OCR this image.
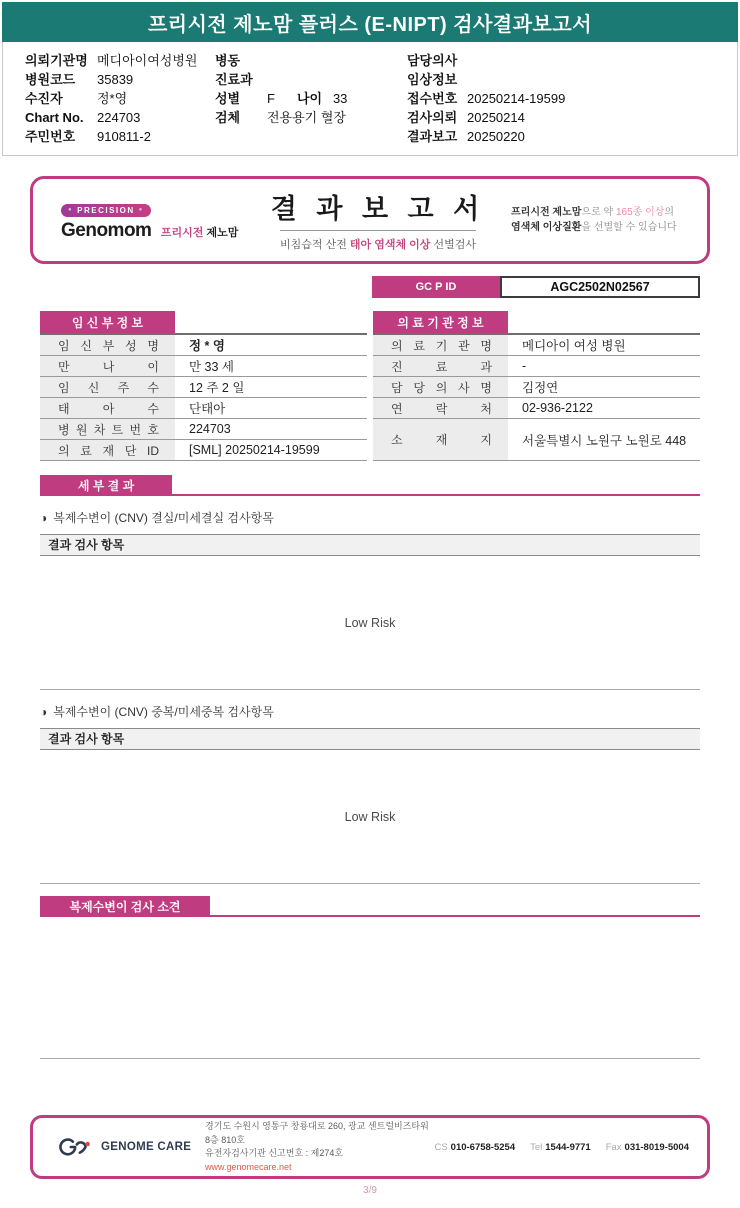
프리시전 제노맘 플러스 (E-NIPT) 검사결과보고서
의뢰기관명 메디아이여성병원
병원코드	35839
수진자	정*영
Chart No.	224703
주민번호	910811-2
병동
진료과
성별	F 나이 33
검체	전용용기 혈장
담당의사
임상정보
접수번호 20250214-19599
검사의뢰 20250214
결과보고 20250220
● PRECISION ●
Genomom 프리시전 제노맘
결 과 보 고 서
비침습적 산전 태아 염색체 이상 선별검사
프리시전 제노맘으로 약 165종 이상의
염색체 이상질환을 선별할 수 있습니다
GC P ID	AGC2502N02567
임 신 부 정 보
임 신 부 성 명	정 * 영
만 나 이	만 33 세
임 신 주 수	12 주 2 일
태 아 수	단태아
병 원 차 트 번 호	224703
의 료 재 단 ID	[SML] 20250214-19599
의 료 기 관 정 보
의 료 기 관 명	메디아이 여성 병원
진 료 과	-
담 당 의 사 명	김정연
연 락 처	02-936-2122
소 재 지	서울특별시 노원구 노원로 448
세 부 결 과
◑ 복제수변이 (CNV) 결실/미세결실 검사항목
결과 검사 항목
Low Risk
◑ 복제수변이 (CNV) 중복/미세중복 검사항목
결과 검사 항목
Low Risk
복제수변이 검사 소견
GENOME CARE
경기도 수원시 영통구 창룡대로 260, 광교 센트럴비즈타워 8층 810호
유전자검사기관 신고번호 : 제274호
www.genomecare.net
CS 010-6758-5254 Tel 1544-9771 Fax 031-8019-5004
3/9
